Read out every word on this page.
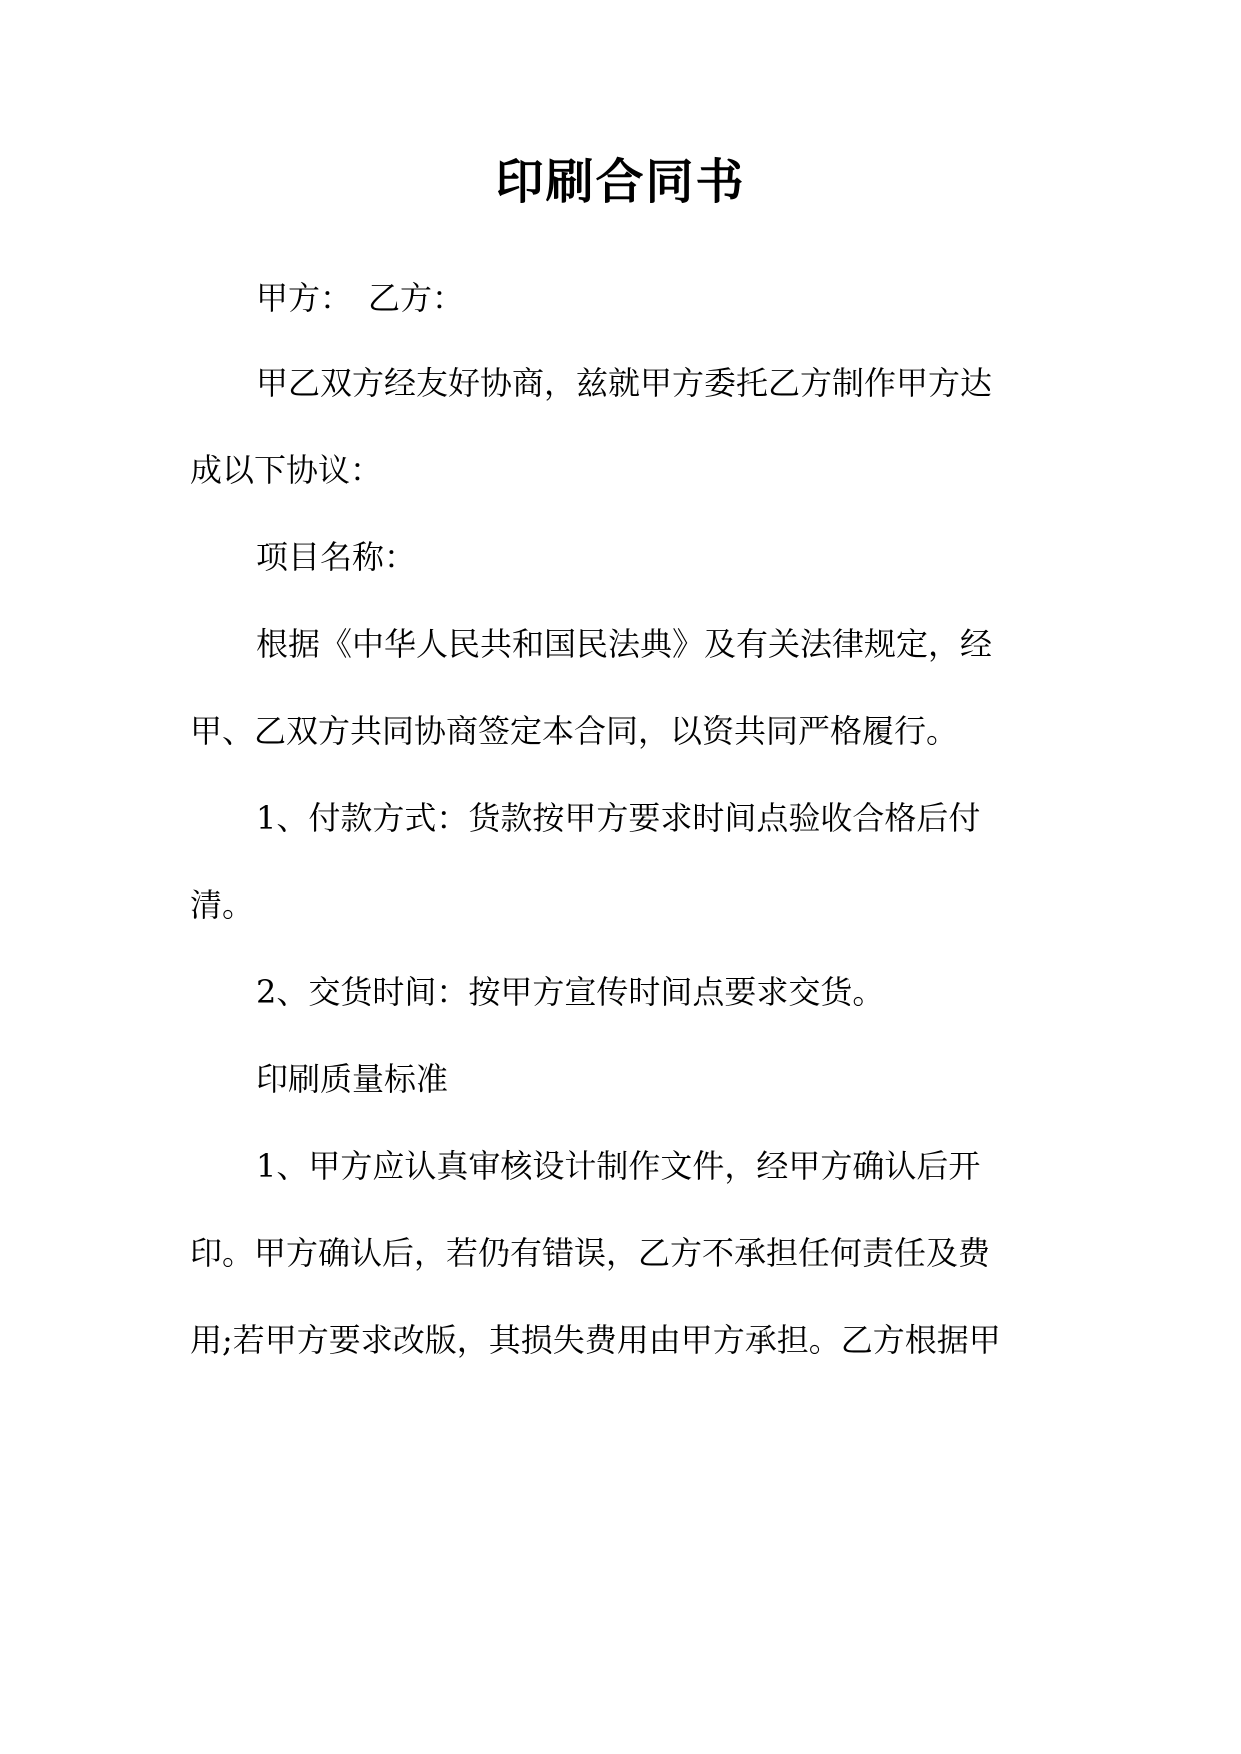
印刷合同书
甲方：　乙方：
甲乙双方经友好协商，兹就甲方委托乙方制作甲方达
成以下协议：
项目名称：
根据《中华人民共和国民法典》及有关法律规定，经
甲、乙双方共同协商签定本合同，以资共同严格履行。
1、付款方式：货款按甲方要求时间点验收合格后付
清。
2、交货时间：按甲方宣传时间点要求交货。
印刷质量标准
1、甲方应认真审核设计制作文件，经甲方确认后开
印。甲方确认后，若仍有错误，乙方不承担任何责任及费
用;若甲方要求改版，其损失费用由甲方承担。乙方根据甲
